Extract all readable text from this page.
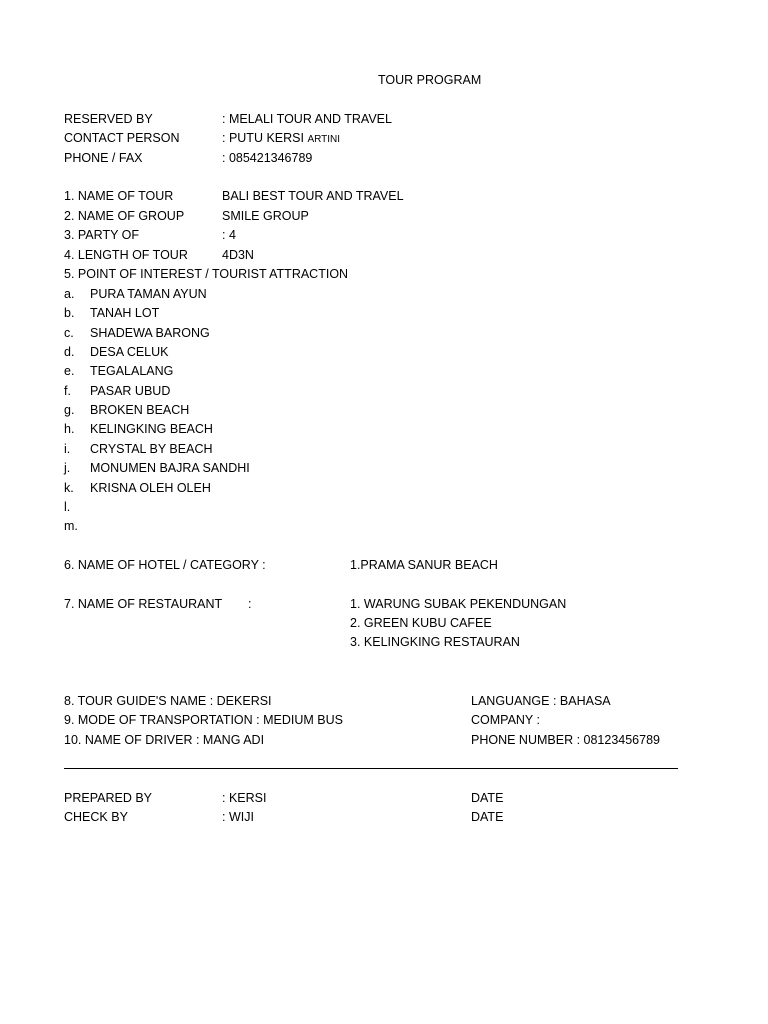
TOUR PROGRAM
RESERVED BY	: MELALI TOUR AND TRAVEL
CONTACT PERSON	: PUTU KERSI ARTINI
PHONE / FAX	: 085421346789
1. NAME OF TOUR	BALI BEST TOUR AND TRAVEL
2. NAME OF GROUP	SMILE GROUP
3. PARTY OF	: 4
4. LENGTH OF TOUR	4D3N
5. POINT OF INTEREST / TOURIST ATTRACTION
a. PURA TAMAN AYUN
b. TANAH LOT
c. SHADEWA BARONG
d. DESA CELUK
e. TEGALALANG
f. PASAR UBUD
g. BROKEN BEACH
h. KELINGKING BEACH
i. CRYSTAL BY BEACH
j. MONUMEN BAJRA SANDHI
k. KRISNA OLEH OLEH
l.
m.
6. NAME OF HOTEL / CATEGORY :	1.PRAMA SANUR BEACH
7. NAME OF RESTAURANT :	1. WARUNG SUBAK PEKENDUNGAN
2. GREEN KUBU CAFEE
3. KELINGKING RESTAURAN
8. TOUR GUIDE'S NAME : DEKERSI	LANGUANGE : BAHASA
9. MODE OF TRANSPORTATION : MEDIUM BUS	COMPANY :
10. NAME OF DRIVER : MANG ADI	PHONE NUMBER : 08123456789
PREPARED BY	: KERSI	DATE
CHECK BY	: WIJI	DATE
